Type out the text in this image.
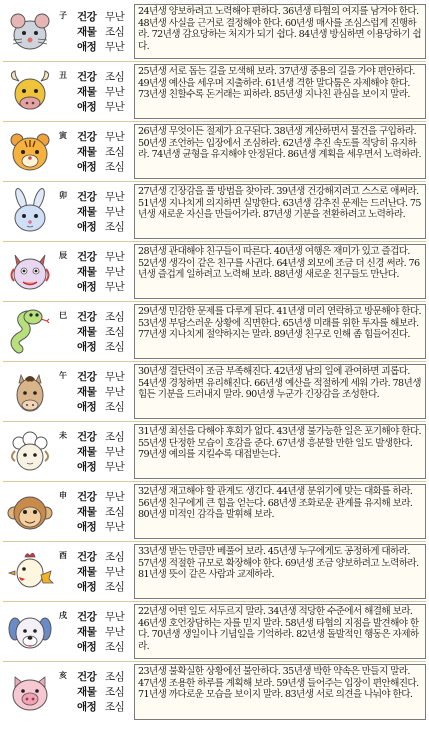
子 건강 무난
재물 조심
애정 무난
24년생 양보하려고 노력해야 편하다. 36년생 타협의 여지를 남겨야 한다. 48년생 사실을 근거로 결정해야 한다. 60년생 매사를 조심스럽게 진행하라. 72년생 감요당하는 처지가 되기 쉽다. 84년생 방심하면 이용당하기 쉽다.
丑 건강 조심
재물 무난
애정 무난
25년생 서로 돕는 길을 모색해 보라. 37년생 중용의 길을 가야 편안하다. 49년생 예산을 세우며 지출하라. 61년생 격한 말다툼은 자제해야 한다. 73년생 친할수록 돈거래는 피하라. 85년생 지나친 관심을 보이지 말라.
寅 건강 무난
재물 조심
애정 조심
26년생 무엇이든 절제가 요구된다. 38년생 계산하면서 물건을 구입하라. 50년생 조언하는 입장에서 조심하라. 62년생 추진 속도를 적당히 유지하라. 74년생 균형을 유지해야 안정된다. 86년생 계획을 세우면서 노력하라.
卯 건강 무난
재물 무난
애정 조심
27년생 긴장감을 풀 방법을 찾아라. 39년생 건강해지려고 스스로 애써라. 51년생 지나치게 의지하면 실망한다. 63년생 감추진 문제는 드러난다. 75년생 새로운 자신을 만들어가라. 87년생 기분을 전환하려고 노력하라.
辰 건강 무난
재물 무난
애정 무난
28년생 관대해야 친구들이 따른다. 40년생 여행은 재미가 있고 즐겁다. 52년생 생각이 같은 친구를 사귄다. 64년생 외모에 조금 더 신경 써라. 76년생 즐겁게 일하려고 노력해 보라. 88년생 새로운 친구들도 만난다.
巳 건강 조심
재물 조심
애정 조심
29년생 민감한 문제를 다루게 된다. 41년생 미리 연락하고 방문해야 한다. 53년생 부담스러운 상황에 직면한다. 65년생 미래를 위한 투자를 해보라. 77년생 지나치게 절약하지는 말라. 89년생 친구로 인해 좀 힘들어진다.
午 건강 무난
재물 무난
애정 조심
30년생 결단력이 조금 부족해진다. 42년생 남의 일에 관여하면 괴롭다. 54년생 경청하면 유리해진다. 66년생 예산을 적절하게 세워 가라. 78년생 힘든 기분을 드러내지 말라. 90년생 누군가 긴장감을 조성한다.
未 건강 조심
재물 무난
애정 무난
31년생 최선을 다해야 후회가 없다. 43년생 불가능한 일은 포기해야 한다. 55년생 단정한 모습이 호감을 준다. 67년생 흥분할 만한 일도 발생한다. 79년생 예의를 지킬수록 대접받는다.
申 건강 무난
재물 조심
애정 무난
32년생 재고해야 할 관계도 생긴다. 44년생 분위기에 맞는 대화를 하라. 56년생 친구에게 큰 힘을 얻는다. 68년생 조화로운 관계를 유지해 보라. 80년생 미적인 감각을 발휘해 보라.
酉 건강 조심
재물 무난
애정 조심
33년생 받는 만큼만 베풀어 보라. 45년생 누구에게도 공정하게 대하라. 57년생 적절한 규모로 확장해야 한다. 69년생 조금 양보하려고 노력하라. 81년생 뜻이 같은 사람과 교제하라.
戌 건강 무난
재물 무난
애정 조심
22년생 어떤 일도 서두르지 말라. 34년생 적당한 수준에서 해결해 보라. 46년생 호언장담하는 자를 믿지 말라. 58년생 타협의 지점을 발견해야 한다. 70년생 생일이나 기념일을 기억하라. 82년생 돌발적인 행동은 자제하라.
亥 건강 조심
재물 조심
애정 조심
23년생 불확실한 상황에선 불안하다. 35년생 박한 약속은 만들지 말라. 47년생 조용한 하루를 계획해 보라. 59년생 들어주는 입장이 편안해진다. 71년생 까다로운 모습을 보이지 말라. 83년생 서로 의견을 나눠야 한다.
